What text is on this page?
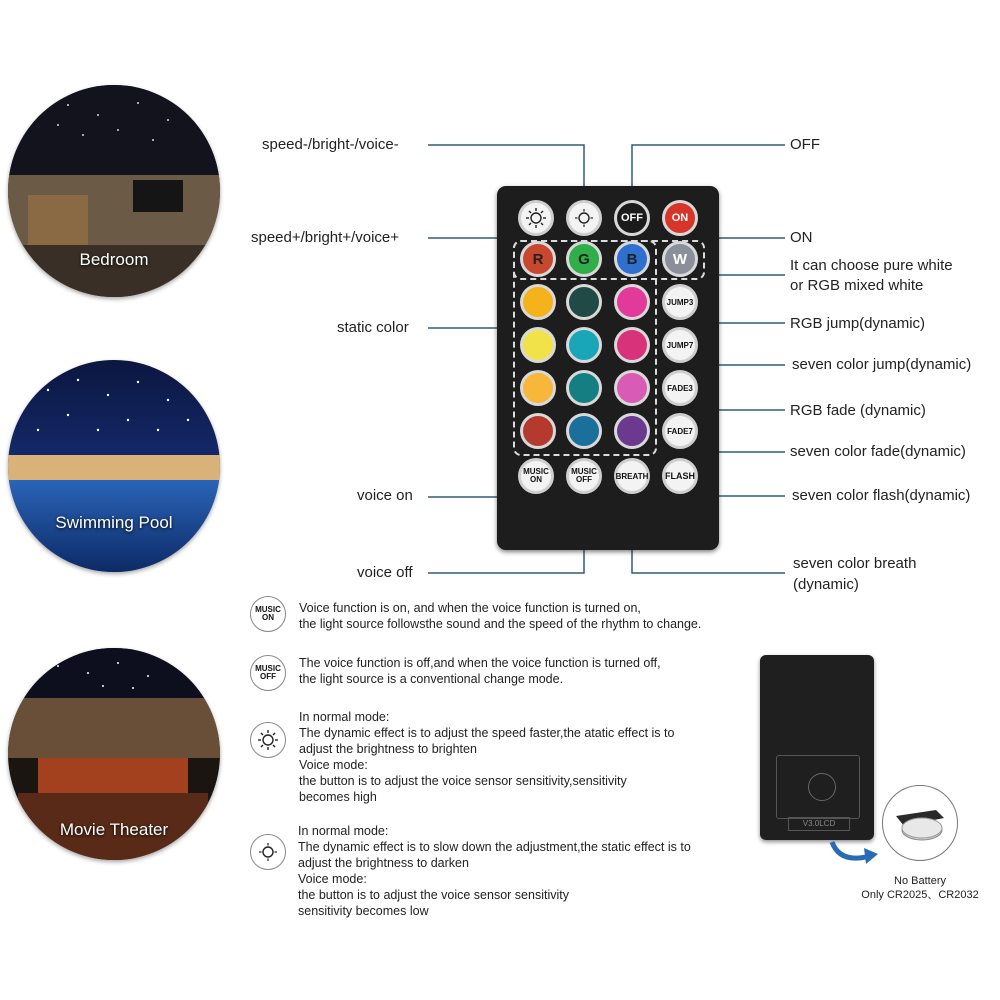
Bedroom
Swimming Pool
Movie Theater
speed-/bright-/voice-
speed+/bright+/voice+
static color
voice on
voice off
OFF
ON
It can choose pure white
or RGB mixed white
RGB jump(dynamic)
seven color jump(dynamic)
RGB fade (dynamic)
seven color fade(dynamic)
seven color flash(dynamic)
seven color breath
(dynamic)
OFF	ON
R	G	B	W
JUMP3
JUMP7
FADE3
FADE7
MUSIC
ON
MUSIC
OFF	BREATH	FLASH
MUSIC
ON
Voice function is on, and when the voice function is turned on,
the light source followsthe sound and the speed of the rhythm to change.
MUSIC
OFF
The voice function is off,and when the voice function is turned off,
the light source is a conventional change mode.
In normal mode:
The dynamic effect is to adjust the speed faster,the atatic effect is to
adjust the brightness to brighten
Voice mode:
the button is to adjust the voice sensor sensitivity,sensitivity
becomes high
In normal mode:
The dynamic effect is to slow down the adjustment,the static effect is to
adjust the brightness to darken
Voice mode:
the button is to adjust the voice sensor sensitivity
sensitivity becomes low
V3.0LCD
No Battery
Only CR2025、CR2032
